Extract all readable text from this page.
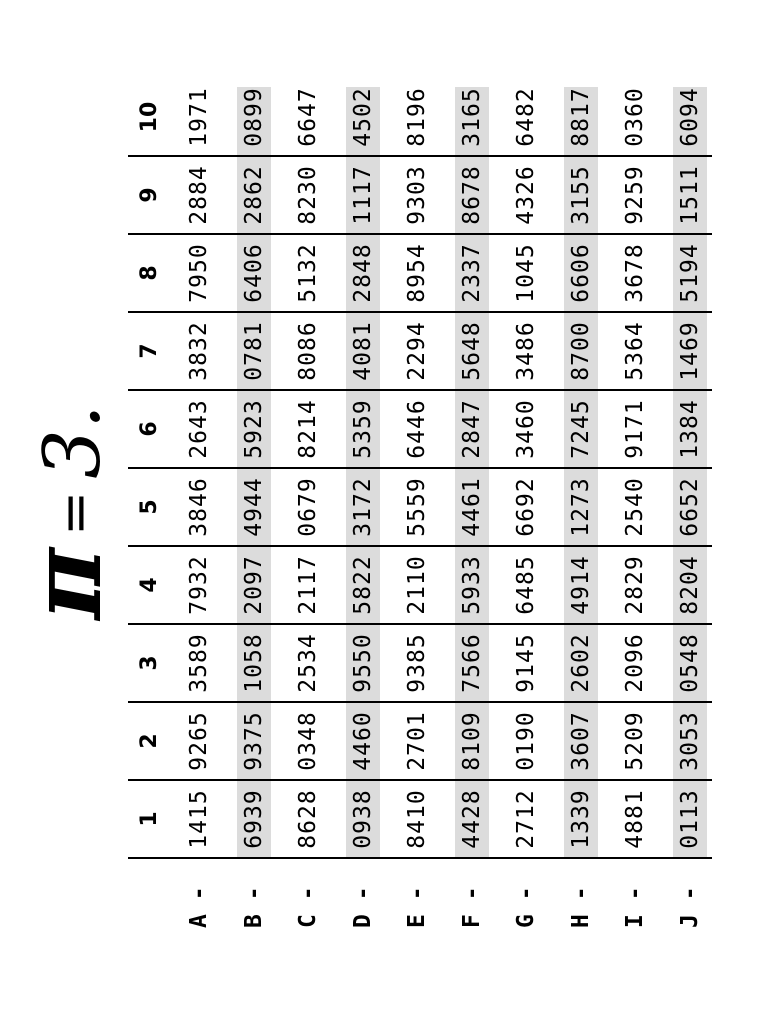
π
=
3.
1
2
3
4
5
6
7
8
9
10
A -
1415
9265
3589
7932
3846
2643
3832
7950
2884
1971
B -
6939
9375
1058
2097
4944
5923
0781
6406
2862
0899
C -
8628
0348
2534
2117
0679
8214
8086
5132
8230
6647
D -
0938
4460
9550
5822
3172
5359
4081
2848
1117
4502
E -
8410
2701
9385
2110
5559
6446
2294
8954
9303
8196
F -
4428
8109
7566
5933
4461
2847
5648
2337
8678
3165
G -
2712
0190
9145
6485
6692
3460
3486
1045
4326
6482
H -
1339
3607
2602
4914
1273
7245
8700
6606
3155
8817
I -
4881
5209
2096
2829
2540
9171
5364
3678
9259
0360
J -
0113
3053
0548
8204
6652
1384
1469
5194
1511
6094
